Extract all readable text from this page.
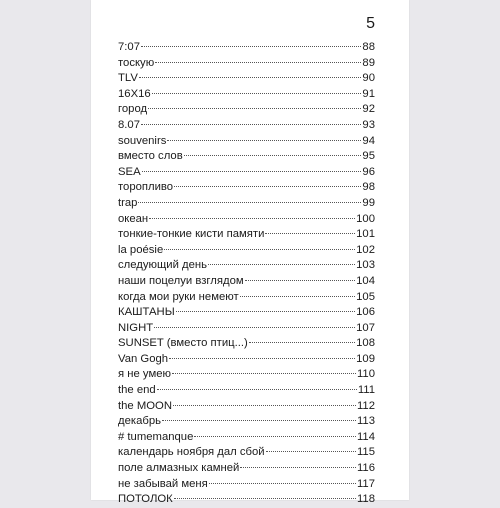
5
7:07	88
тоскую	89
TLV	90
16X16	91
город	92
8.07	93
souvenirs	94
вместо слов	95
SEA	96
торопливо	98
trap	99
океан	100
тонкие-тонкие кисти памяти	101
la poésie	102
следующий день	103
наши поцелуи взглядом	104
когда мои руки немеют	105
КАШТАНЫ	106
NIGHT	107
SUNSET (вместо птиц...)	108
Van Gogh	109
я не умею	110
the end	111
the MOON	112
декабрь	113
# tumemanque	114
календарь ноября дал сбой	115
поле алмазных камней	116
не забывай меня	117
ПОТОЛОК	118
